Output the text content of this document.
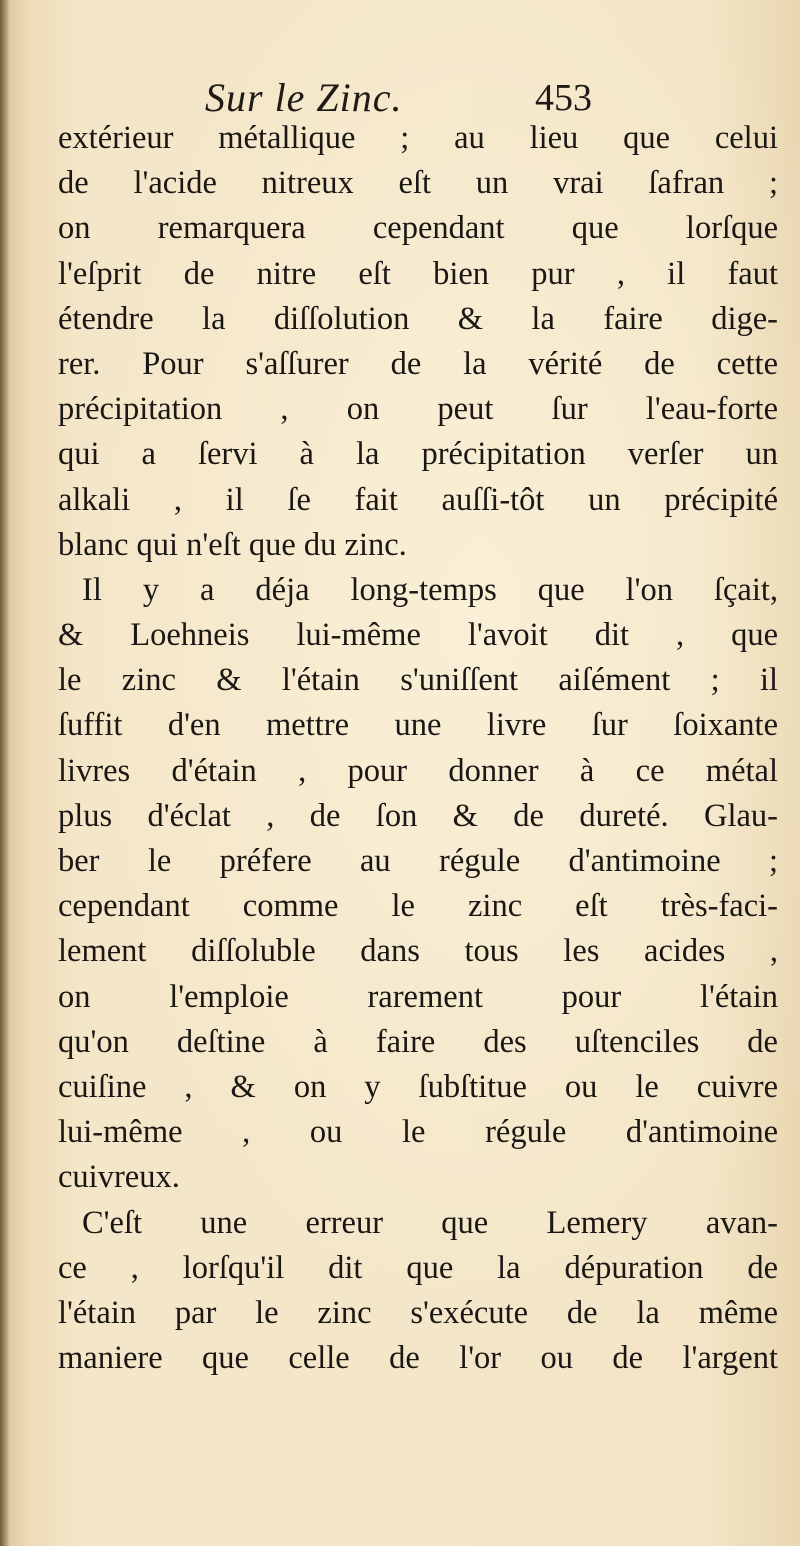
Sur le Zinc.	453
extérieur métallique ; au lieu que celui
de l'acide nitreux eſt un vrai ſafran ;
on remarquera cependant que lorſque
l'eſprit de nitre eſt bien pur , il faut
étendre la diſſolution & la faire dige-
rer. Pour s'aſſurer de la vérité de cette
précipitation , on peut ſur l'eau-forte
qui a ſervi à la précipitation verſer un
alkali , il ſe fait auſſi-tôt un précipité
blanc qui n'eſt que du zinc.
Il y a déja long-temps que l'on ſçait,
& Loehneis lui-même l'avoit dit , que
le zinc & l'étain s'uniſſent aiſément ; il
ſuffit d'en mettre une livre ſur ſoixante
livres d'étain , pour donner à ce métal
plus d'éclat , de ſon & de dureté. Glau-
ber le préfere au régule d'antimoine ;
cependant comme le zinc eſt très-faci-
lement diſſoluble dans tous les acides ,
on l'emploie rarement pour l'étain
qu'on deſtine à faire des uſtenciles de
cuiſine , & on y ſubſtitue ou le cuivre
lui-même , ou le régule d'antimoine
cuivreux.
C'eſt une erreur que Lemery avan-
ce , lorſqu'il dit que la dépuration de
l'étain par le zinc s'exécute de la même
maniere que celle de l'or ou de l'argent
